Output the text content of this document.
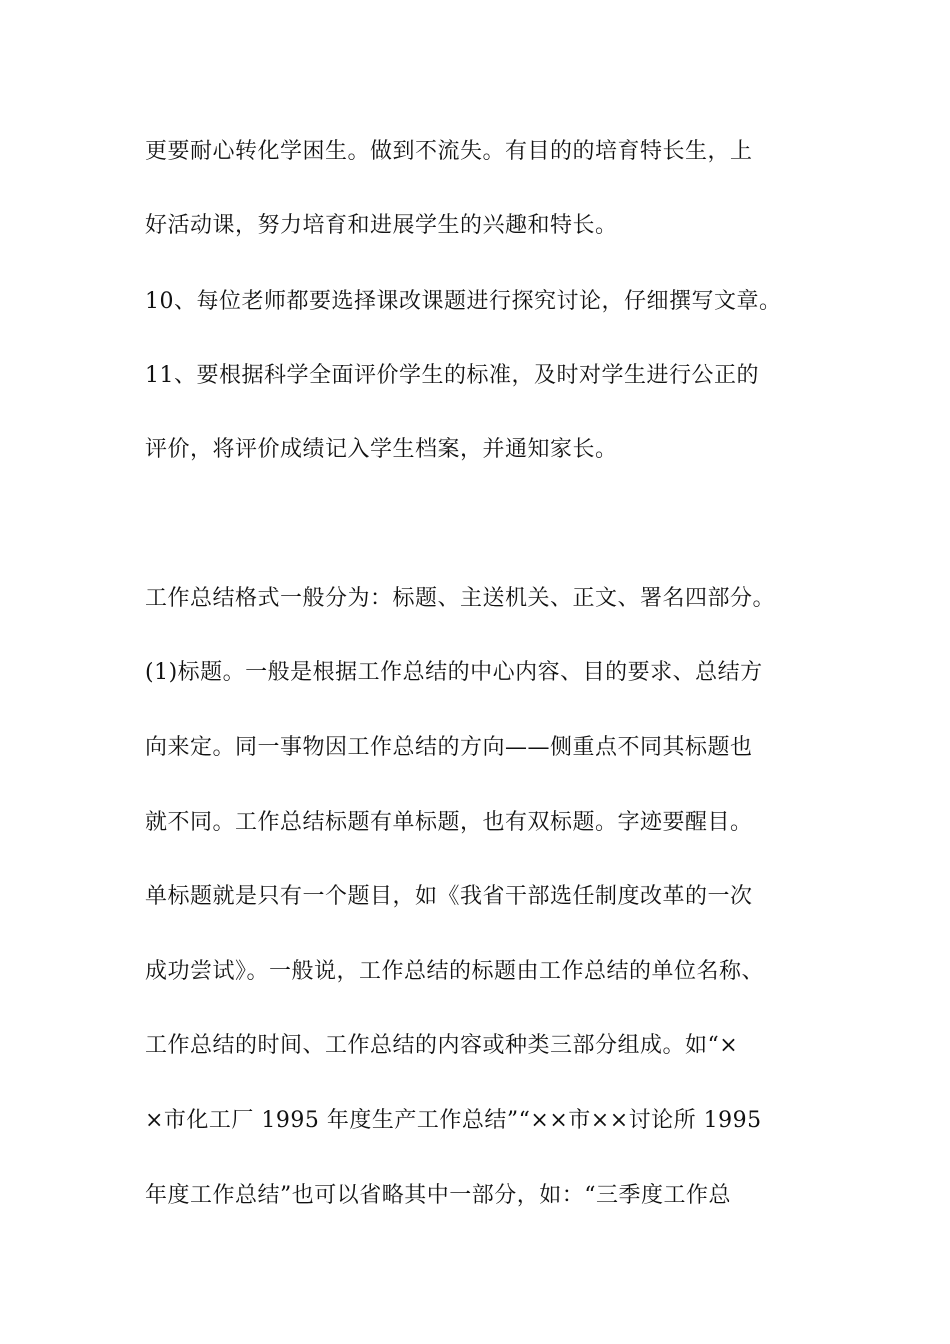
更要耐心转化学困生。做到不流失。有目的的培育特长生，上
好活动课，努力培育和进展学生的兴趣和特长。
10、每位老师都要选择课改课题进行探究讨论，仔细撰写文章。
11、要根据科学全面评价学生的标准，及时对学生进行公正的
评价，将评价成绩记入学生档案，并通知家长。
工作总结格式一般分为：标题、主送机关、正文、署名四部分。
(1)标题。一般是根据工作总结的中心内容、目的要求、总结方
向来定。同一事物因工作总结的方向——侧重点不同其标题也
就不同。工作总结标题有单标题，也有双标题。字迹要醒目。
单标题就是只有一个题目，如《我省干部选任制度改革的一次
成功尝试》。一般说，工作总结的标题由工作总结的单位名称、
工作总结的时间、工作总结的内容或种类三部分组成。如“×
×市化工厂 1995 年度生产工作总结”“××市××讨论所 1995
年度工作总结”也可以省略其中一部分，如：“三季度工作总
